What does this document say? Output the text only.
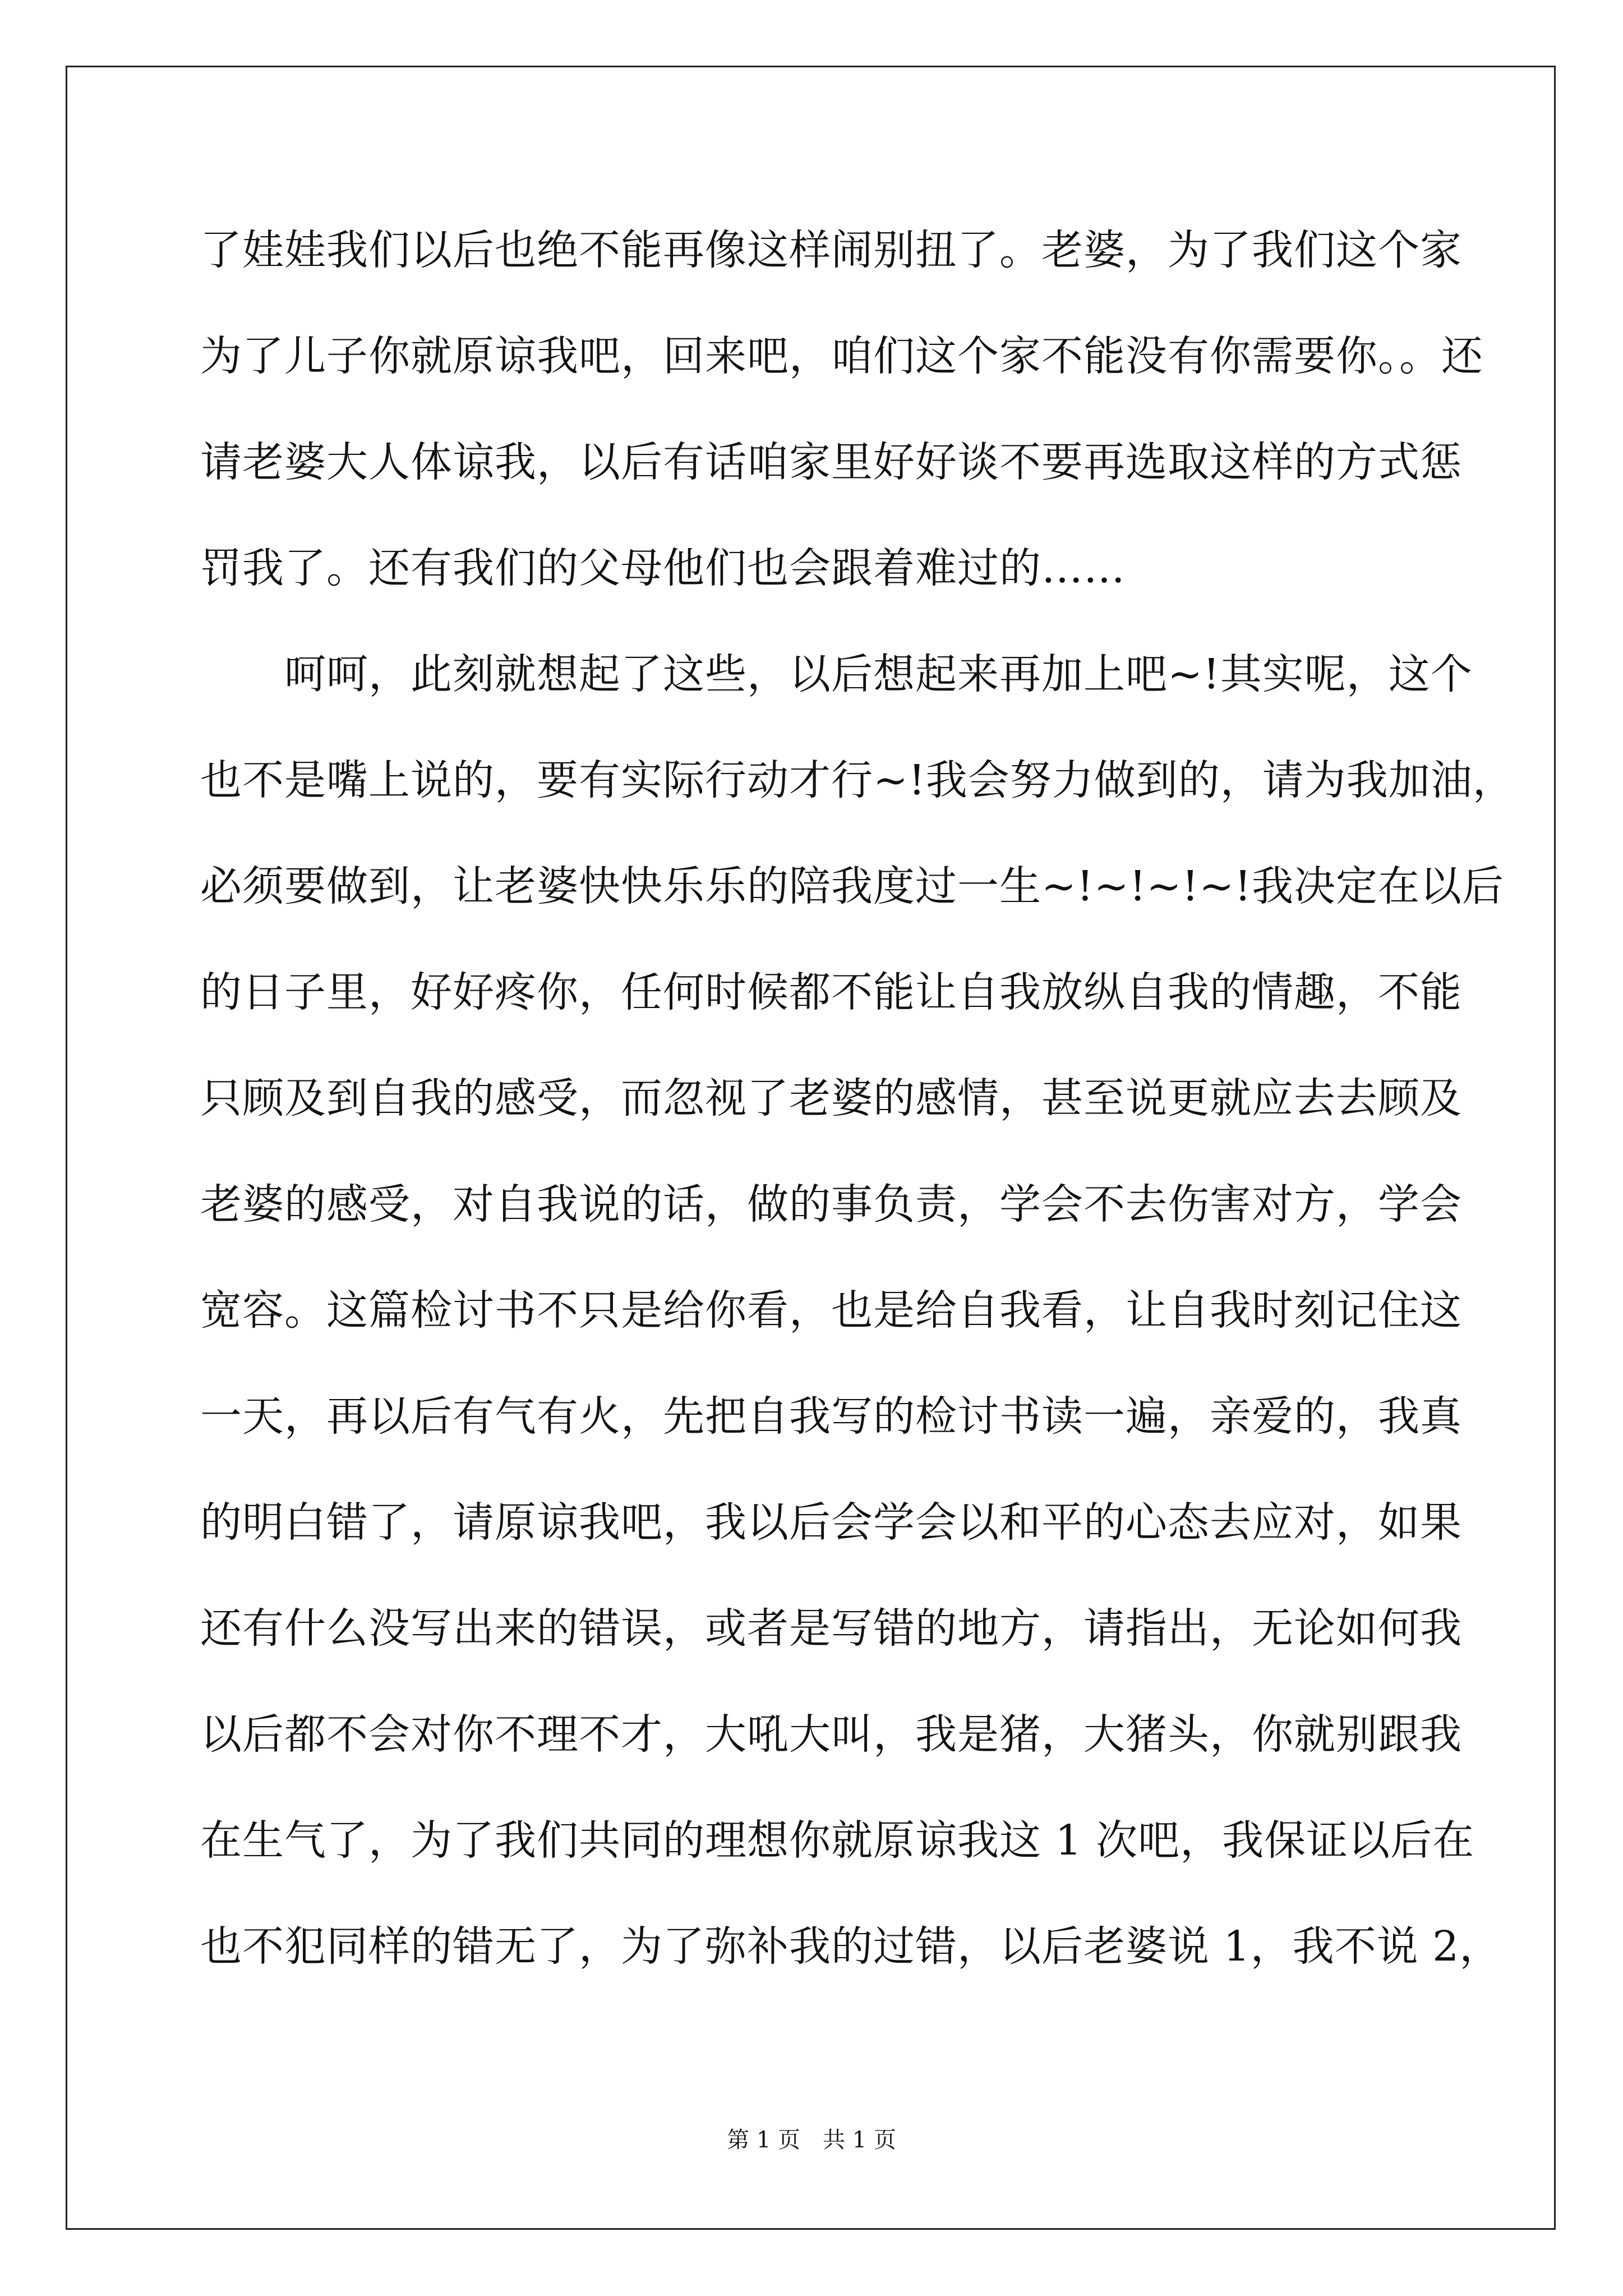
了娃娃我们以后也绝不能再像这样闹别扭了。老婆，为了我们这个家
为了儿子你就原谅我吧，回来吧，咱们这个家不能没有你需要你。。还
请老婆大人体谅我，以后有话咱家里好好谈不要再选取这样的方式惩
罚我了。还有我们的父母他们也会跟着难过的……
　　呵呵，此刻就想起了这些，以后想起来再加上吧~!其实呢，这个
也不是嘴上说的，要有实际行动才行~!我会努力做到的，请为我加油，
必须要做到，让老婆快快乐乐的陪我度过一生~!~!~!~!我决定在以后
的日子里，好好疼你，任何时候都不能让自我放纵自我的情趣，不能
只顾及到自我的感受，而忽视了老婆的感情，甚至说更就应去去顾及
老婆的感受，对自我说的话，做的事负责，学会不去伤害对方，学会
宽容。这篇检讨书不只是给你看，也是给自我看，让自我时刻记住这
一天，再以后有气有火，先把自我写的检讨书读一遍，亲爱的，我真
的明白错了，请原谅我吧，我以后会学会以和平的心态去应对，如果
还有什么没写出来的错误，或者是写错的地方，请指出，无论如何我
以后都不会对你不理不才，大吼大叫，我是猪，大猪头，你就别跟我
在生气了，为了我们共同的理想你就原谅我这 1 次吧，我保证以后在
也不犯同样的错无了，为了弥补我的过错，以后老婆说 1，我不说 2，
第 1 页　共 1 页
